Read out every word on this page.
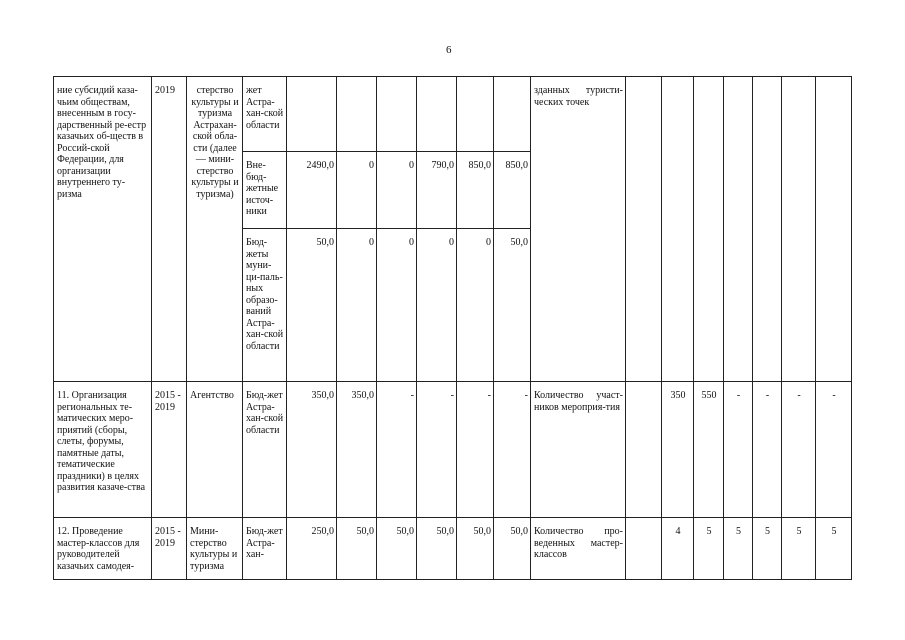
6
ние субсидий каза-чьим обществам, внесенным в госу-дарственный ре-естр казачьих об-ществ в Россий-ской Федерации, для организации внутреннего ту-ризма	2019	стерство культуры и туризма Астрахан-ской обла-сти (далее — мини-стерство культуры и туризма)	жет Астра-хан-ской области							зданных туристи-ческих точек							
			Вне-бюд-жетные источ-ники	2490,0	0	0	790,0	850,0	850,0								
			Бюд-жеты муни-ци-паль-ных образо-ваний Астра-хан-ской области	50,0	0	0	0	0	50,0								
11. Организация региональных те-матических меро-приятий (сборы, слеты, форумы, памятные даты, тематические праздники) в целях развития казаче-ства	2015 - 2019	Агентство	Бюд-жет Астра-хан-ской области	350,0	350,0	-	-	-	-	Количество участ-ников мероприя-тия		350	550	-	-	-	-
12. Проведение мастер-классов для руководителей казачьих самодея-	2015 - 2019	Мини-стерство культуры и туризма	Бюд-жет Астра-хан-	250,0	50,0	50,0	50,0	50,0	50,0	Количество про-веденных мастер-классов		4	5	5	5	5	5
